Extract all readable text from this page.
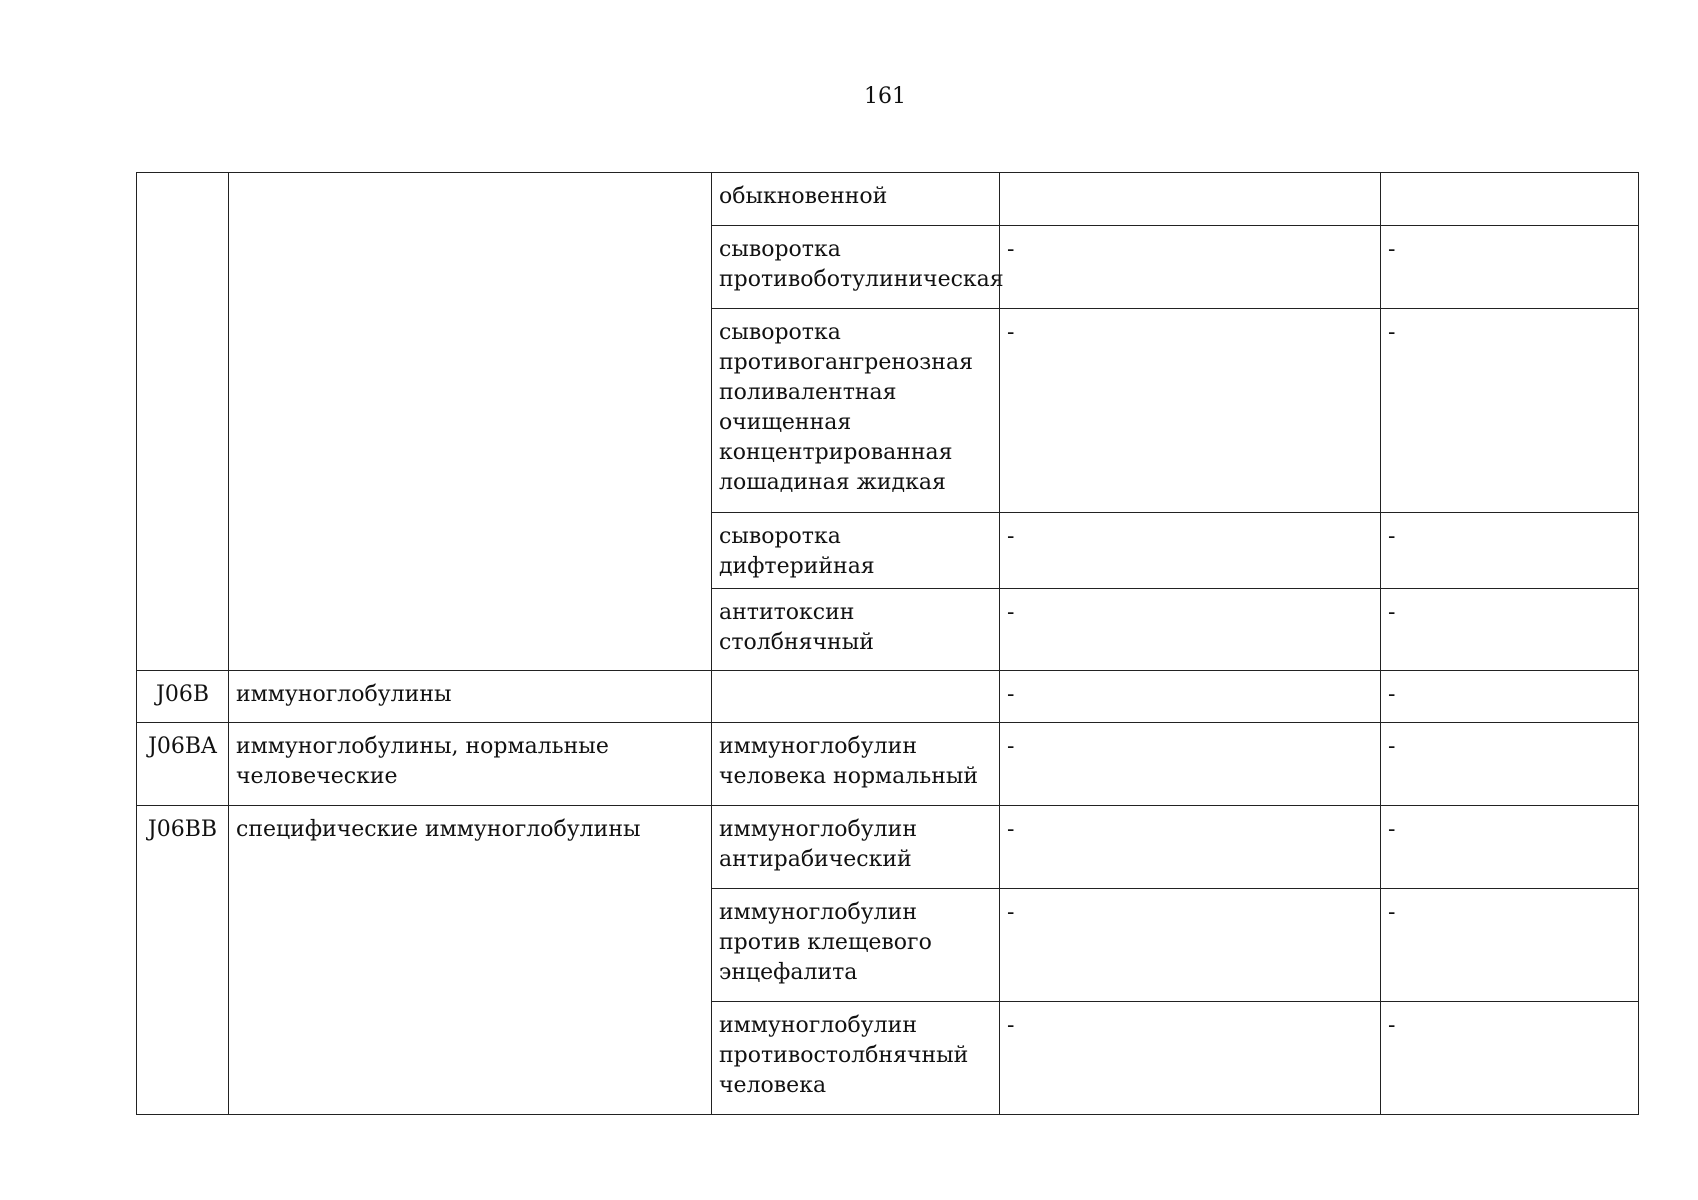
161
		обыкновенной		
		сыворотка противоботулиническая	-	-
		сыворотка противогангренозная поливалентная очищенная концентрированная лошадиная жидкая	-	-
		сыворотка дифтерийная	-	-
		антитоксин столбнячный	-	-
J06B	иммуноглобулины		-	-
J06BA	иммуноглобулины, нормальные человеческие	иммуноглобулин человека нормальный	-	-
J06BB	специфические иммуноглобулины	иммуноглобулин антирабический	-	-
		иммуноглобулин против клещевого энцефалита	-	-
		иммуноглобулин противостолбнячный человека	-	-
